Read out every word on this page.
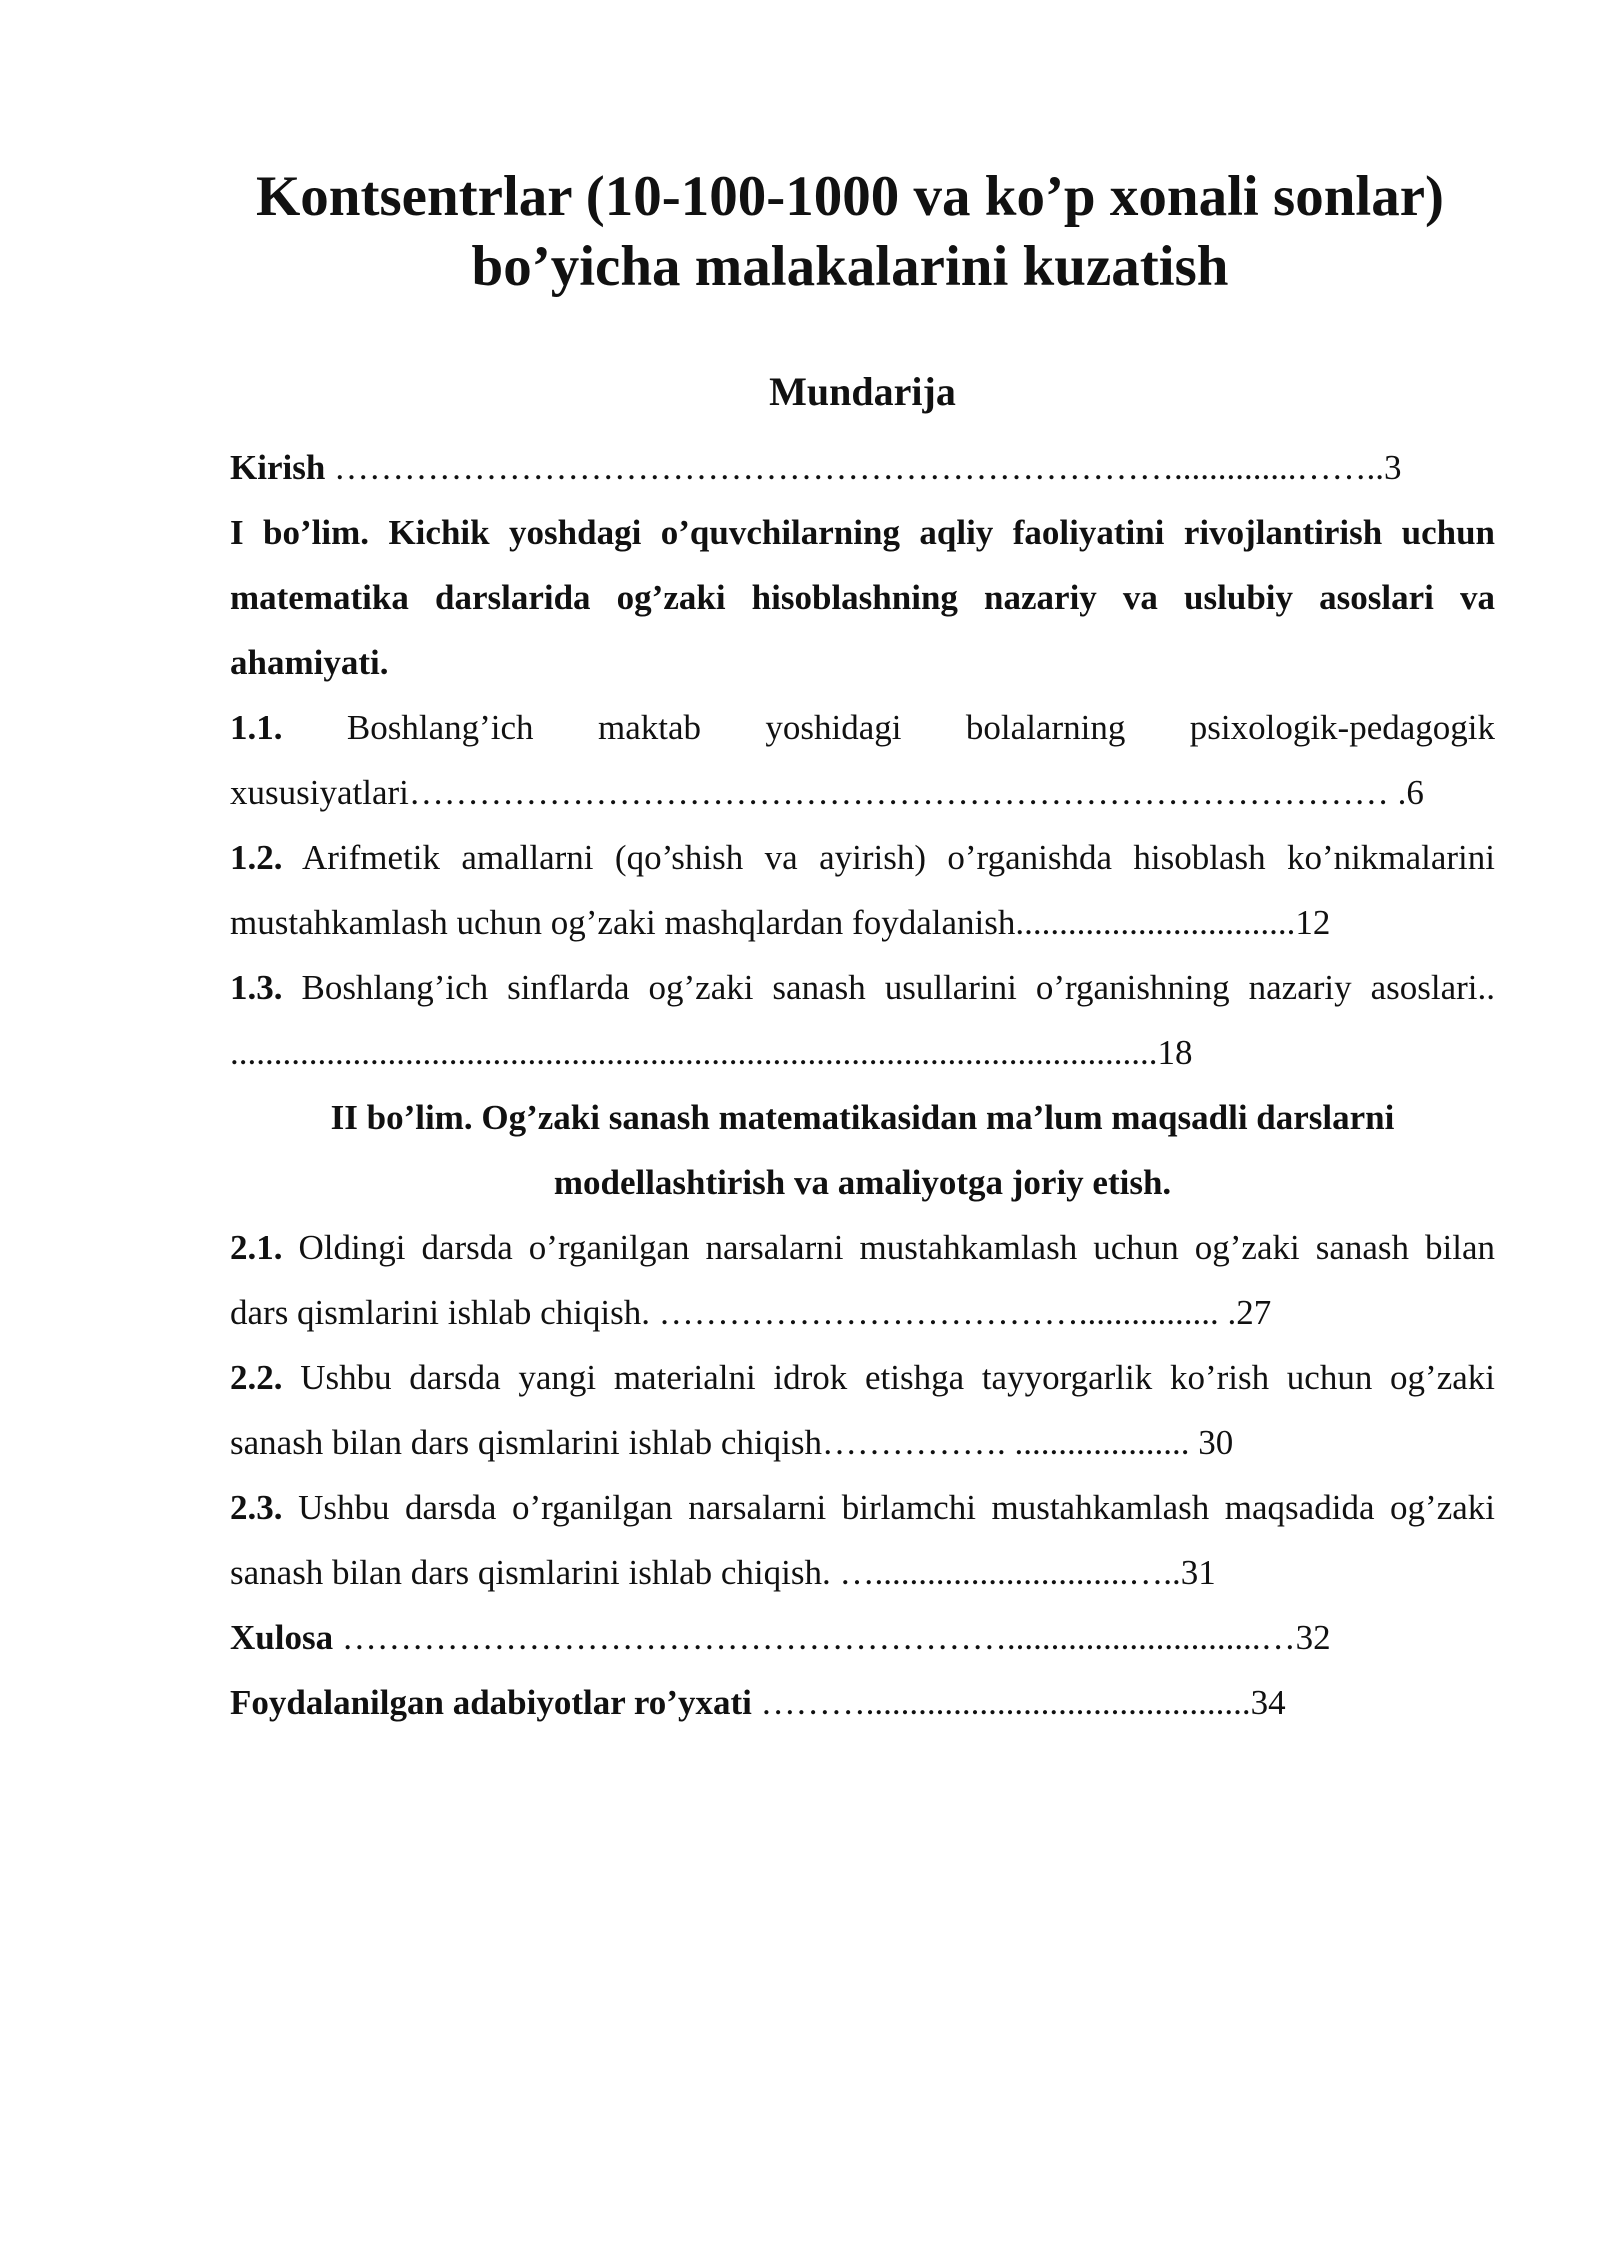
Kontsentrlar (10-100-1000 va ko’p xonali sonlar)
bo’yicha malakalarini kuzatish
Mundarija

Kirish ………………………………………………………………..............……..3

I bo’lim. Kichik yoshdagi o’quvchilarning aqliy faoliyatini rivojlantirish uchun matematika darslarida og’zaki hisoblashning nazariy va uslubiy asoslari va ahamiyati.

1.1. Boshlang’ich maktab yoshidagi bolalarning psixologik-pedagogik xususiyatlari………………………………………………………………………… .6

1.2. Arifmetik amallarni (qo’shish va ayirish) o’rganishda hisoblash ko’nikmalarini mustahkamlash uchun og’zaki mashqlardan foydalanish................................12

1.3. Boshlang’ich sinflarda og’zaki sanash usullarini o’rganishning nazariy asoslari.. ..........................................................................................................18

II bo’lim. Og’zaki sanash matematikasidan ma’lum maqsadli darslarni modellashtirish va amaliyotga joriy etish.

2.1. Oldingi darsda o’rganilgan narsalarni mustahkamlash uchun og’zaki sanash bilan dars qismlarini ishlab chiqish. ………………………………................ .27

2.2. Ushbu darsda yangi materialni idrok etishga tayyorgarlik ko’rish uchun og’zaki sanash bilan dars qismlarini ishlab chiqish……………. .................... 30

2.3. Ushbu darsda o’rganilgan narsalarni birlamchi mustahkamlash maqsadida og’zaki sanash bilan dars qismlarini ishlab chiqish. ….............................…..31

Xulosa ………………………………………………….............................…32

Foydalanilgan adabiyotlar ro’yxati ………............................................34
